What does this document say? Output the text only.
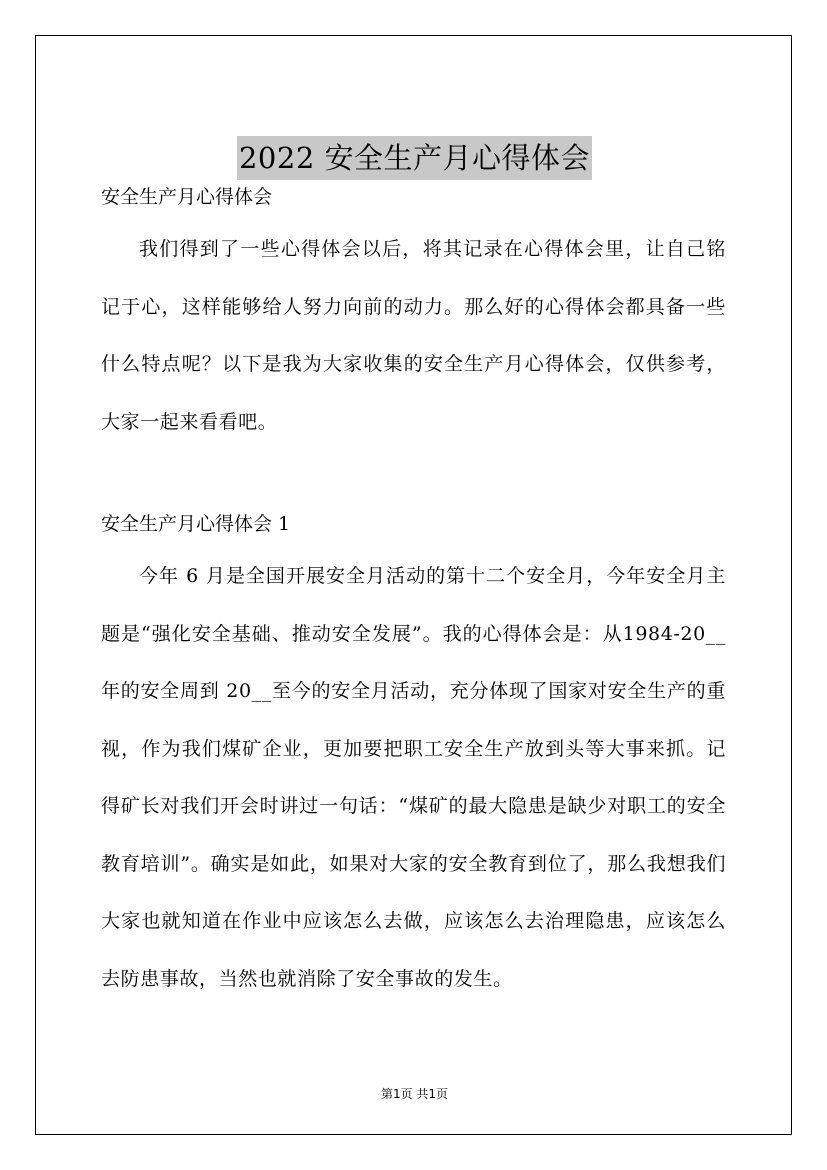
2022 安全生产月心得体会
安全生产月心得体会

我们得到了一些心得体会以后，将其记录在心得体会里，让自己铭记于心，这样能够给人努力向前的动力。那么好的心得体会都具备一些什么特点呢？以下是我为大家收集的安全生产月心得体会，仅供参考，大家一起来看看吧。

安全生产月心得体会 1

今年 6 月是全国开展安全月活动的第十二个安全月，今年安全月主题是“强化安全基础、推动安全发展”。我的心得体会是：从1984-20__年的安全周到 20__至今的安全月活动，充分体现了国家对安全生产的重视，作为我们煤矿企业，更加要把职工安全生产放到头等大事来抓。记得矿长对我们开会时讲过一句话：“煤矿的最大隐患是缺少对职工的安全教育培训”。确实是如此，如果对大家的安全教育到位了，那么我想我们大家也就知道在作业中应该怎么去做，应该怎么去治理隐患，应该怎么去防患事故，当然也就消除了安全事故的发生。

第1页 共1页
